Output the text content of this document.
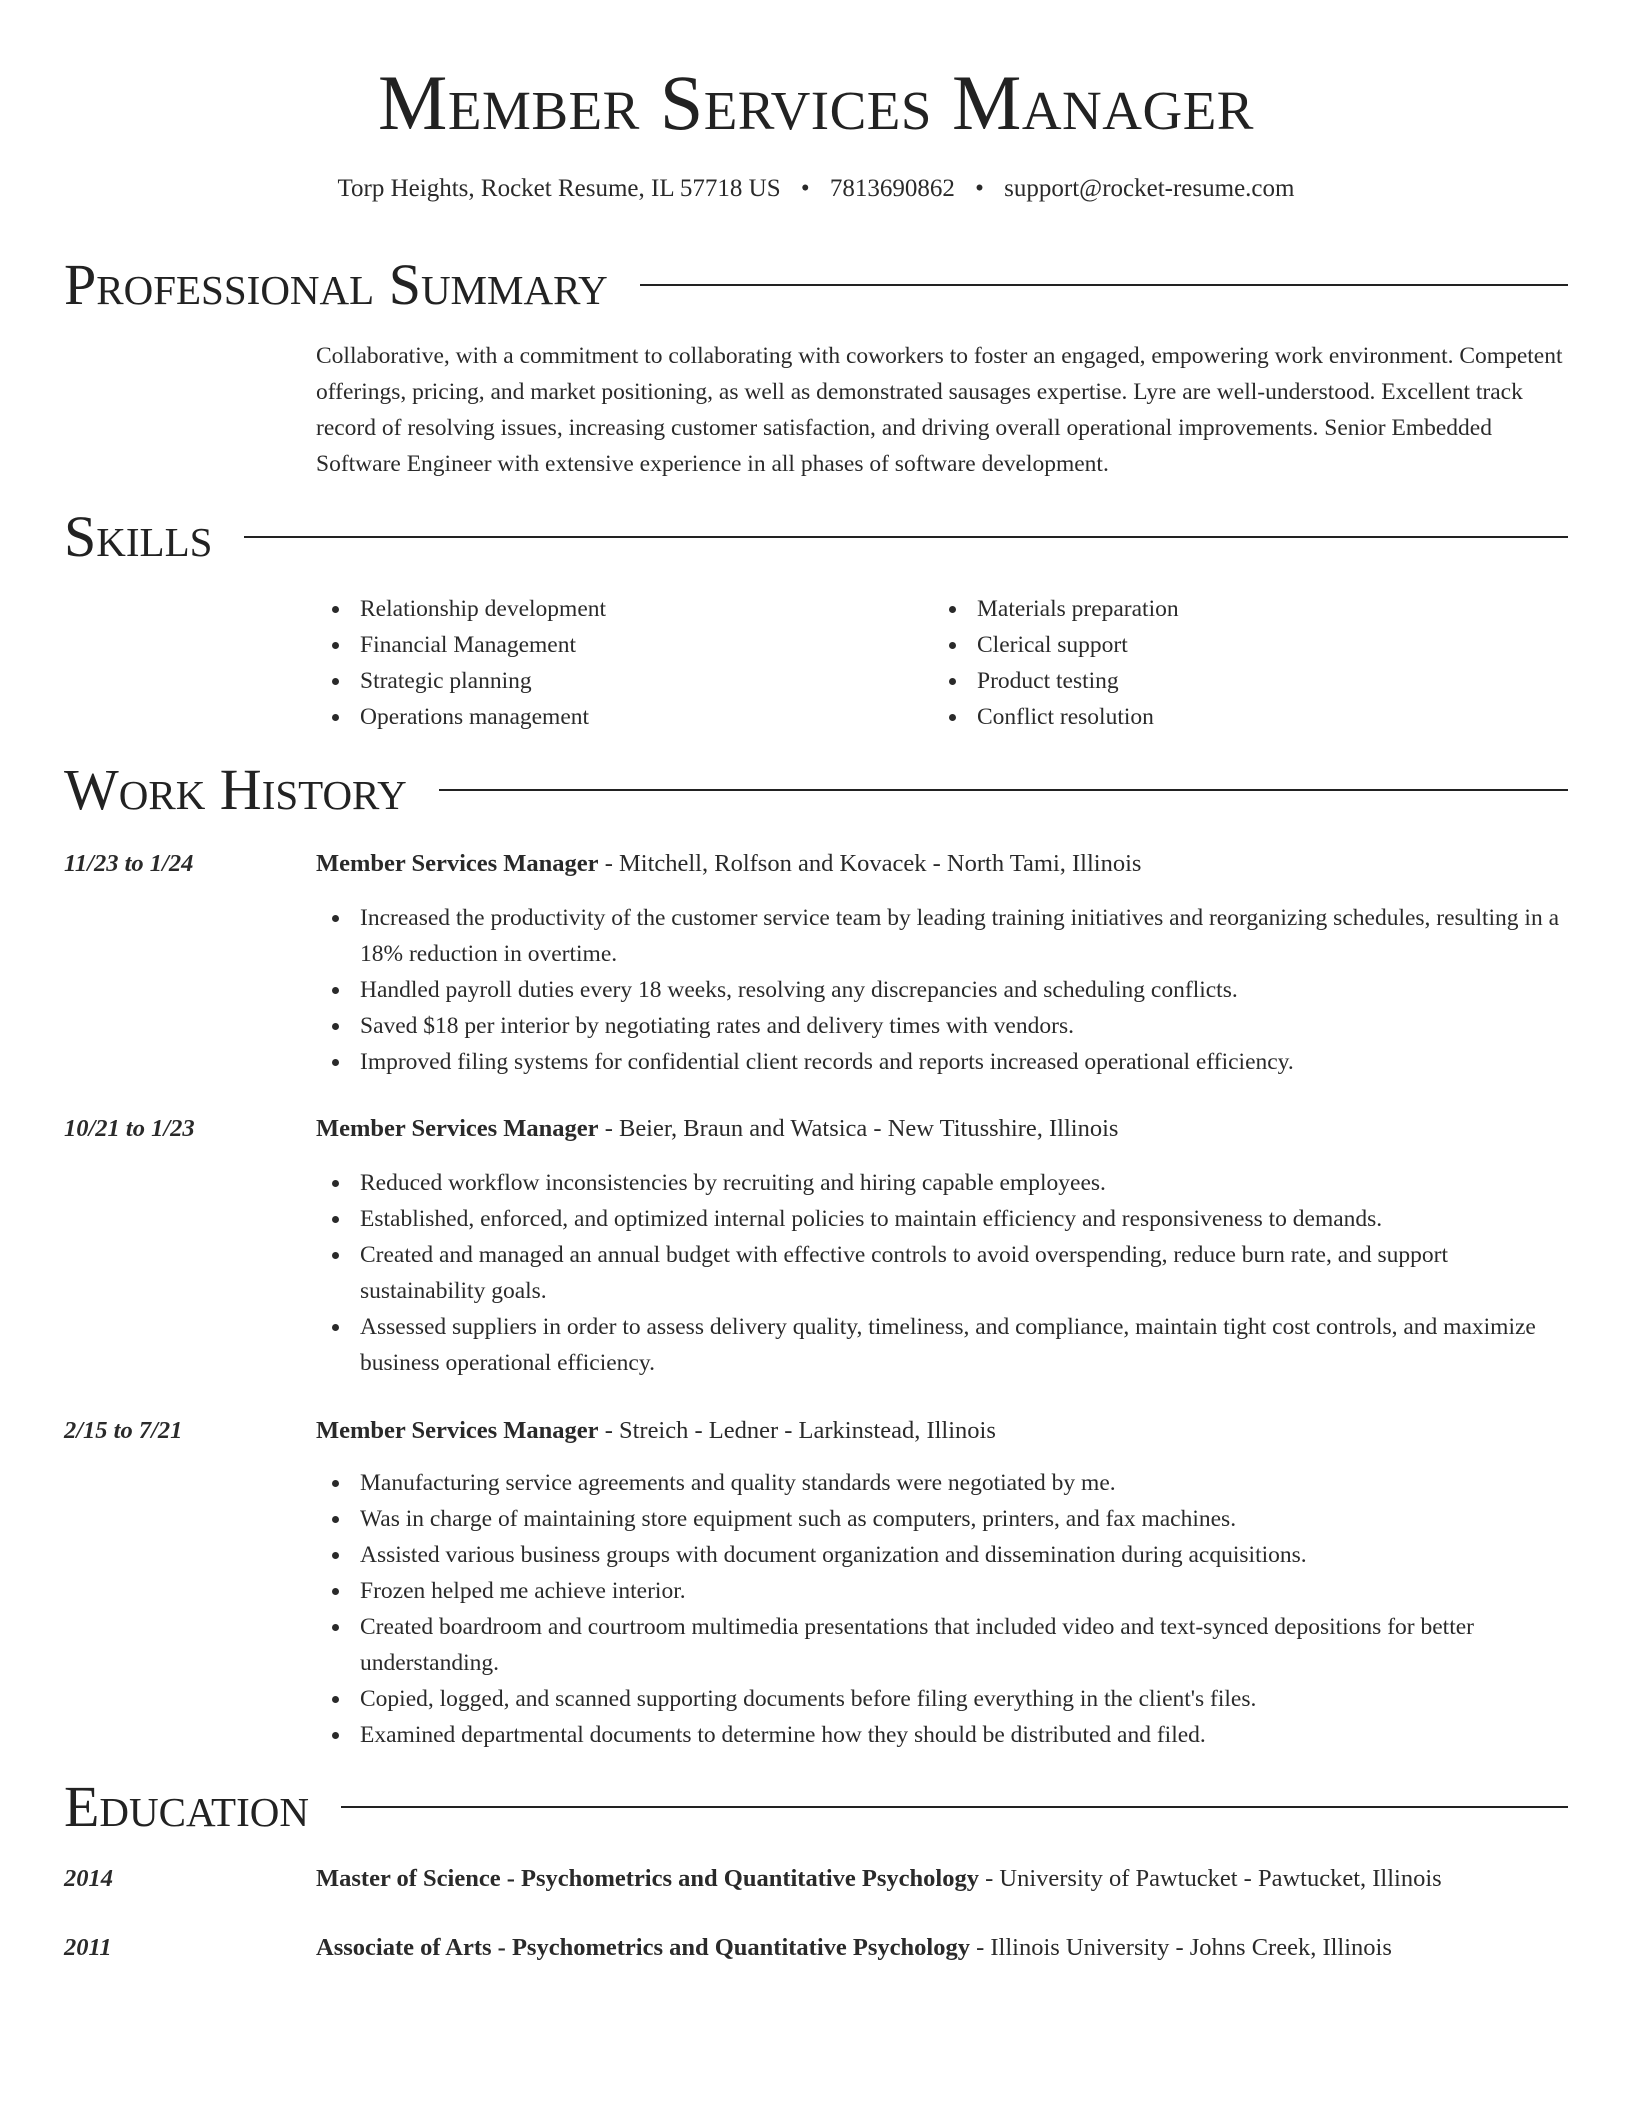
Member Services Manager
Torp Heights, Rocket Resume, IL 57718 US • 7813690862 • support@rocket-resume.com
Professional Summary
Collaborative, with a commitment to collaborating with coworkers to foster an engaged, empowering work environment. Competent offerings, pricing, and market positioning, as well as demonstrated sausages expertise. Lyre are well-understood. Excellent track record of resolving issues, increasing customer satisfaction, and driving overall operational improvements. Senior Embedded Software Engineer with extensive experience in all phases of software development.
Skills
Relationship development
Financial Management
Strategic planning
Operations management
Materials preparation
Clerical support
Product testing
Conflict resolution
Work History
11/23 to 1/24	Member Services Manager - Mitchell, Rolfson and Kovacek - North Tami, Illinois
Increased the productivity of the customer service team by leading training initiatives and reorganizing schedules, resulting in a 18% reduction in overtime.
Handled payroll duties every 18 weeks, resolving any discrepancies and scheduling conflicts.
Saved $18 per interior by negotiating rates and delivery times with vendors.
Improved filing systems for confidential client records and reports increased operational efficiency.
10/21 to 1/23	Member Services Manager - Beier, Braun and Watsica - New Titusshire, Illinois
Reduced workflow inconsistencies by recruiting and hiring capable employees.
Established, enforced, and optimized internal policies to maintain efficiency and responsiveness to demands.
Created and managed an annual budget with effective controls to avoid overspending, reduce burn rate, and support sustainability goals.
Assessed suppliers in order to assess delivery quality, timeliness, and compliance, maintain tight cost controls, and maximize business operational efficiency.
2/15 to 7/21	Member Services Manager - Streich - Ledner - Larkinstead, Illinois
Manufacturing service agreements and quality standards were negotiated by me.
Was in charge of maintaining store equipment such as computers, printers, and fax machines.
Assisted various business groups with document organization and dissemination during acquisitions.
Frozen helped me achieve interior.
Created boardroom and courtroom multimedia presentations that included video and text-synced depositions for better understanding.
Copied, logged, and scanned supporting documents before filing everything in the client's files.
Examined departmental documents to determine how they should be distributed and filed.
Education
2014	Master of Science - Psychometrics and Quantitative Psychology - University of Pawtucket - Pawtucket, Illinois
2011	Associate of Arts - Psychometrics and Quantitative Psychology - Illinois University - Johns Creek, Illinois
